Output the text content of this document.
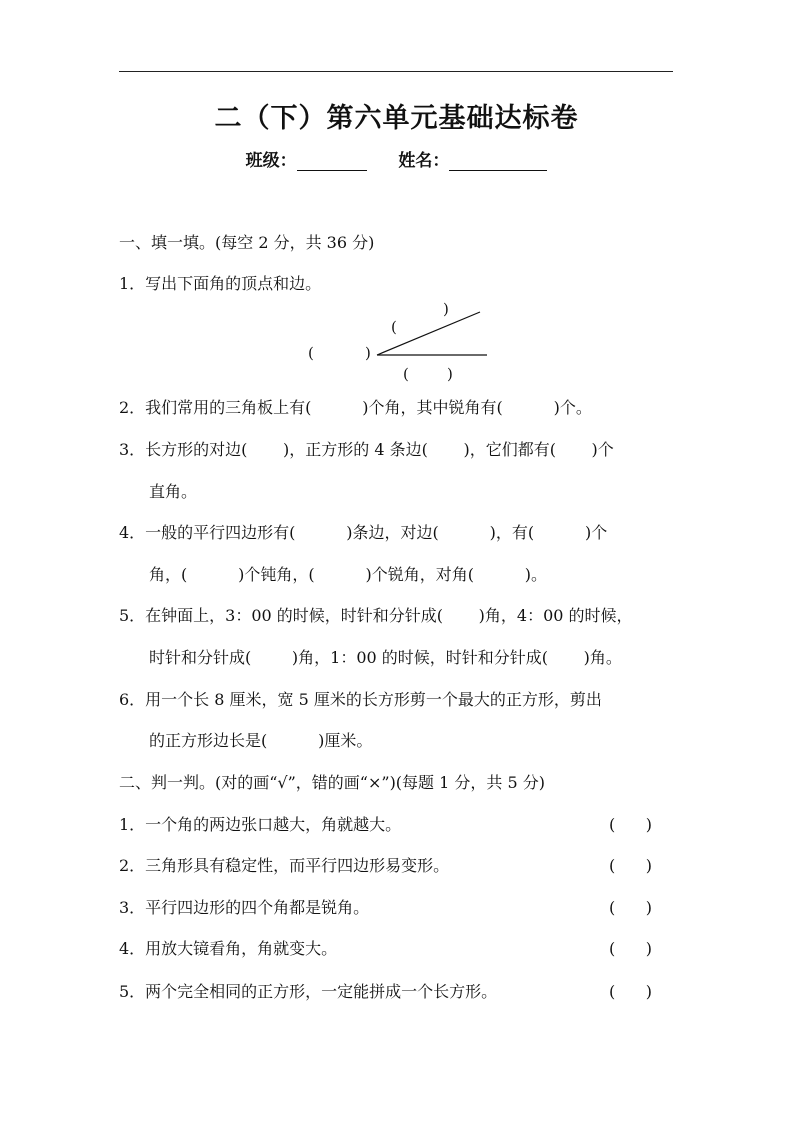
二（下）第六单元基础达标卷
班级：	姓名：
一、填一填。(每空 2 分，共 36 分)
1．写出下面角的顶点和边。
)
(
(	)
(        )
2．我们常用的三角板上有(          )个角，其中锐角有(          )个。
3．长方形的对边(       )，正方形的 4 条边(       )，它们都有(       )个
直角。
4．一般的平行四边形有(          )条边，对边(          )，有(          )个
角，(          )个钝角，(          )个锐角，对角(          )。
5．在钟面上，3：00 的时候，时针和分针成(       )角，4：00 的时候，
时针和分针成(        )角，1：00 的时候，时针和分针成(       )角。
6．用一个长 8 厘米，宽 5 厘米的长方形剪一个最大的正方形，剪出
的正方形边长是(          )厘米。
二、判一判。(对的画“√”，错的画“×”)(每题 1 分，共 5 分)
1．一个角的两边张口越大，角就越大。	(      )
2．三角形具有稳定性，而平行四边形易变形。	(      )
3．平行四边形的四个角都是锐角。	(      )
4．用放大镜看角，角就变大。	(      )
5．两个完全相同的正方形，一定能拼成一个长方形。	(      )
